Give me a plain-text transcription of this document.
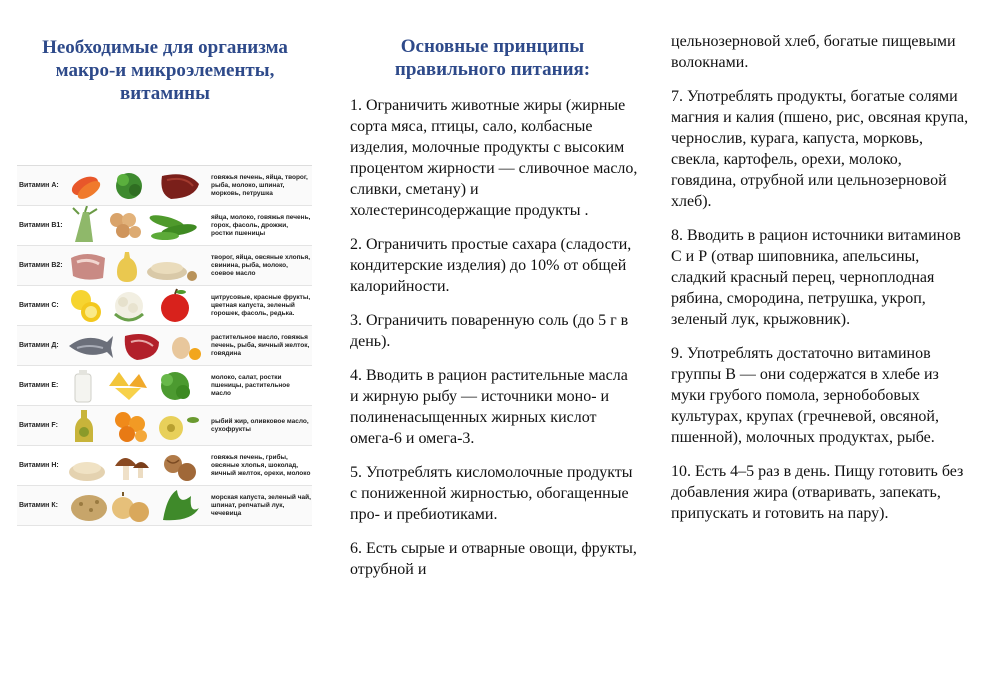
Необходимые для организма макро-и микроэлементы, витамины
Витамин А:
говяжья печень, яйца, творог, рыба, молоко, шпинат, морковь, петрушка
Витамин В1:
яйца, молоко, говяжья печень, горох, фасоль, дрожжи, ростки пшеницы
Витамин В2:
творог, яйца, овсяные хлопья, свинина, рыба, молоко, соевое масло
Витамин С:
цитрусовые, красные фрукты, цветная капуста, зеленый горошек, фасоль, редька.
Витамин Д:
растительное масло, говяжья печень, рыба, яичный желток, говядина
Витамин Е:
молоко, салат, ростки пшеницы, растительное масло
Витамин F:
рыбий жир, оливковое масло, сухофрукты
Витамин Н:
говяжья печень, грибы, овсяные хлопья, шоколад, яичный желток, орехи, молоко
Витамин К:
морская капуста, зеленый чай, шпинат, репчатый лук, чечевица
Основные принципы правильного питания:

1. Ограничить животные жиры (жирные сорта мяса, птицы, сало, колбасные изделия, молочные продукты с высоким процентом жирности — сливочное масло, сливки, сметану) и холестеринсодержащие продукты .

2. Ограничить простые сахара (сладости, кондитерские изделия) до 10% от общей калорийности.

3. Ограничить поваренную соль (до 5 г в день).

4. Вводить в рацион растительные масла и жирную рыбу — источники моно- и полиненасыщенных жирных кислот омега-6 и омега-3.

5. Употреблять кисломолочные продукты с пониженной жирностью, обогащенные про- и пребиотиками.

6. Есть сырые и отварные овощи, фрукты, отрубной и

цельнозерновой хлеб, богатые пищевыми волокнами.

7. Употреблять продукты, богатые солями магния и калия (пшено, рис, овсяная крупа, чернослив, курага, капуста, морковь, свекла, картофель, орехи, молоко, говядина, отрубной или цельнозерновой хлеб).

8. Вводить в рацион источники витаминов С и Р (отвар шиповника, апельсины, сладкий красный перец, черноплодная рябина, смородина, петрушка, укроп, зеленый лук, крыжовник).

9. Употреблять достаточно витаминов группы В — они содержатся в хлебе из муки грубого помола, зернобобовых культурах, крупах (гречневой, овсяной, пшенной), молочных продуктах, рыбе.

10. Есть 4–5 раз в день. Пищу готовить без добавления жира (отваривать, запекать, припускать и готовить на пару).
